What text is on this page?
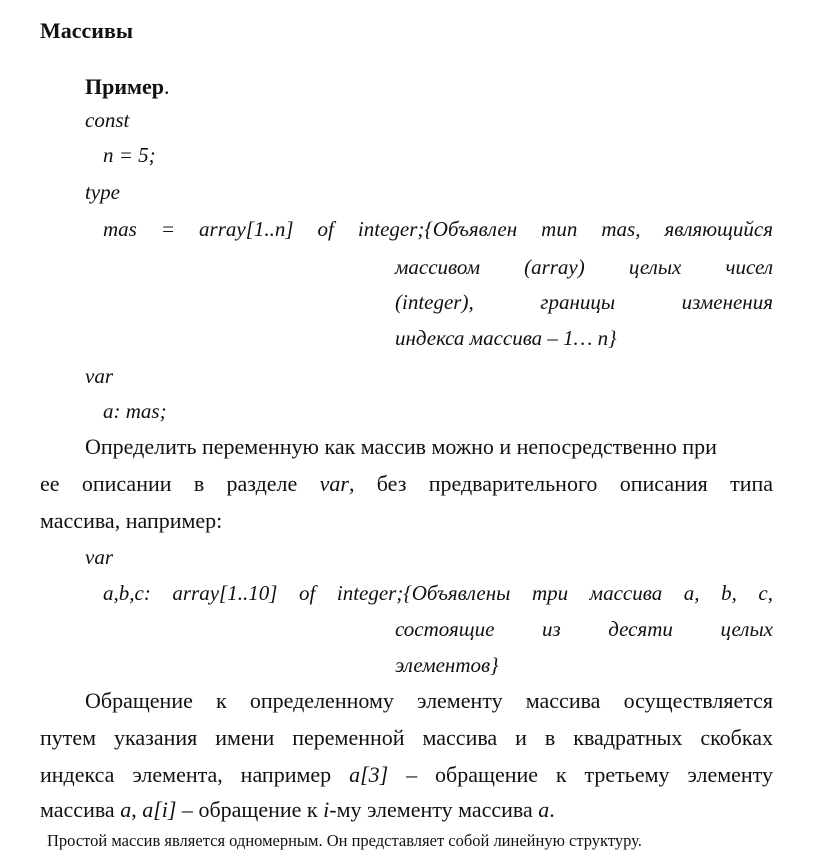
Массивы
Пример.
const
n = 5;
type
mas = array[1..n] of integer;{Объявлен тип mas, являющийся
массивом (array) целых чисел
(integer), границы изменения
индекса массива – 1… n}
var
a: mas;
Определить переменную как массив можно и непосредственно при
ее описании в разделе var, без предварительного описания типа
массива, например:
var
a,b,c: array[1..10] of integer;{Объявлены три массива a, b, c,
состоящие из десяти целых
элементов}
Обращение к определенному элементу массива осуществляется
путем указания имени переменной массива и в квадратных скобках
индекса элемента, например a[3] – обращение к третьему элементу
массива a, a[i] – обращение к i-му элементу массива a.
Простой массив является одномерным. Он представляет собой линейную структуру.
